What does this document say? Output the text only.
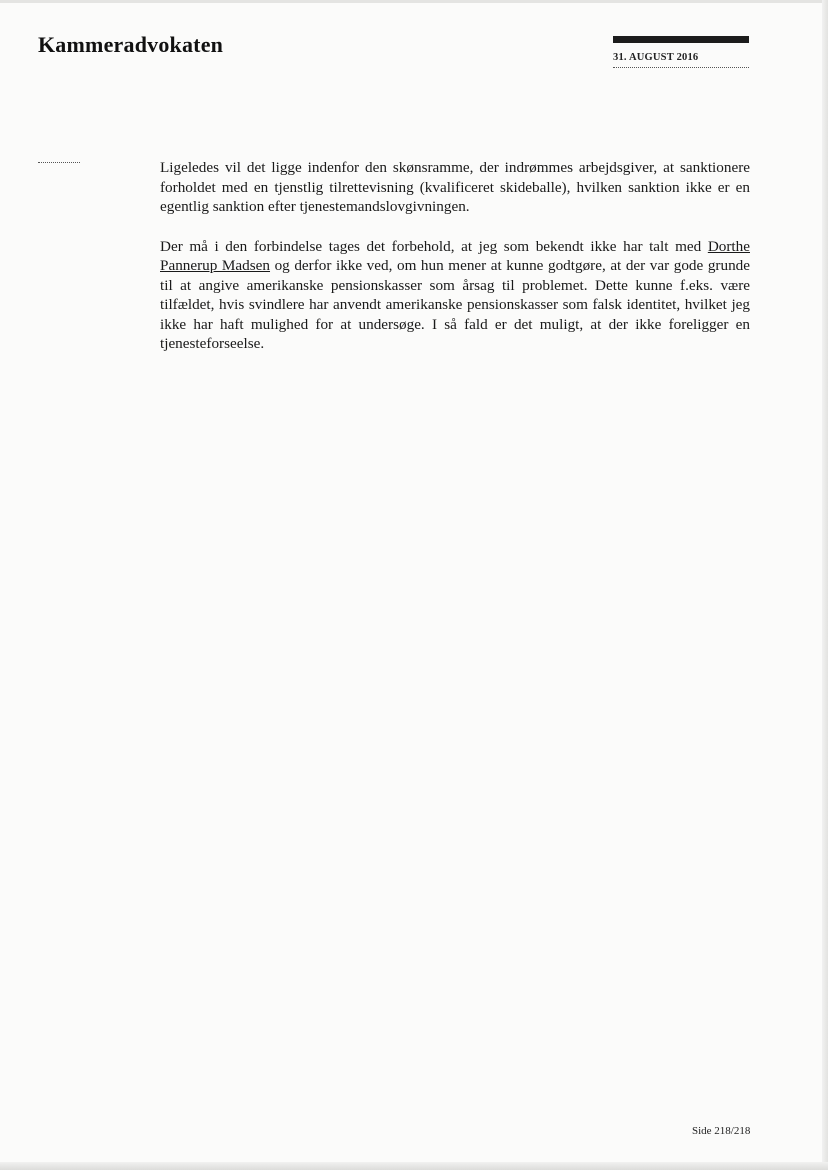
Kammeradvokaten
31. AUGUST 2016

Ligeledes vil det ligge indenfor den skønsramme, der indrømmes arbejdsgiver, at sanktionere forholdet med en tjenstlig tilrettevisning (kvalificeret skideballe), hvilken sanktion ikke er en egentlig sanktion efter tjenestemandslovgivningen.

Der må i den forbindelse tages det forbehold, at jeg som bekendt ikke har talt med Dorthe Pannerup Madsen og derfor ikke ved, om hun mener at kunne godtgøre, at der var gode grunde til at angive amerikanske pensionskasser som årsag til problemet. Dette kunne f.eks. være tilfældet, hvis svindlere har anvendt amerikanske pensionskasser som falsk identitet, hvilket jeg ikke har haft mulighed for at undersøge. I så fald er det muligt, at der ikke foreligger en tjenesteforseelse.

Side 218/218
